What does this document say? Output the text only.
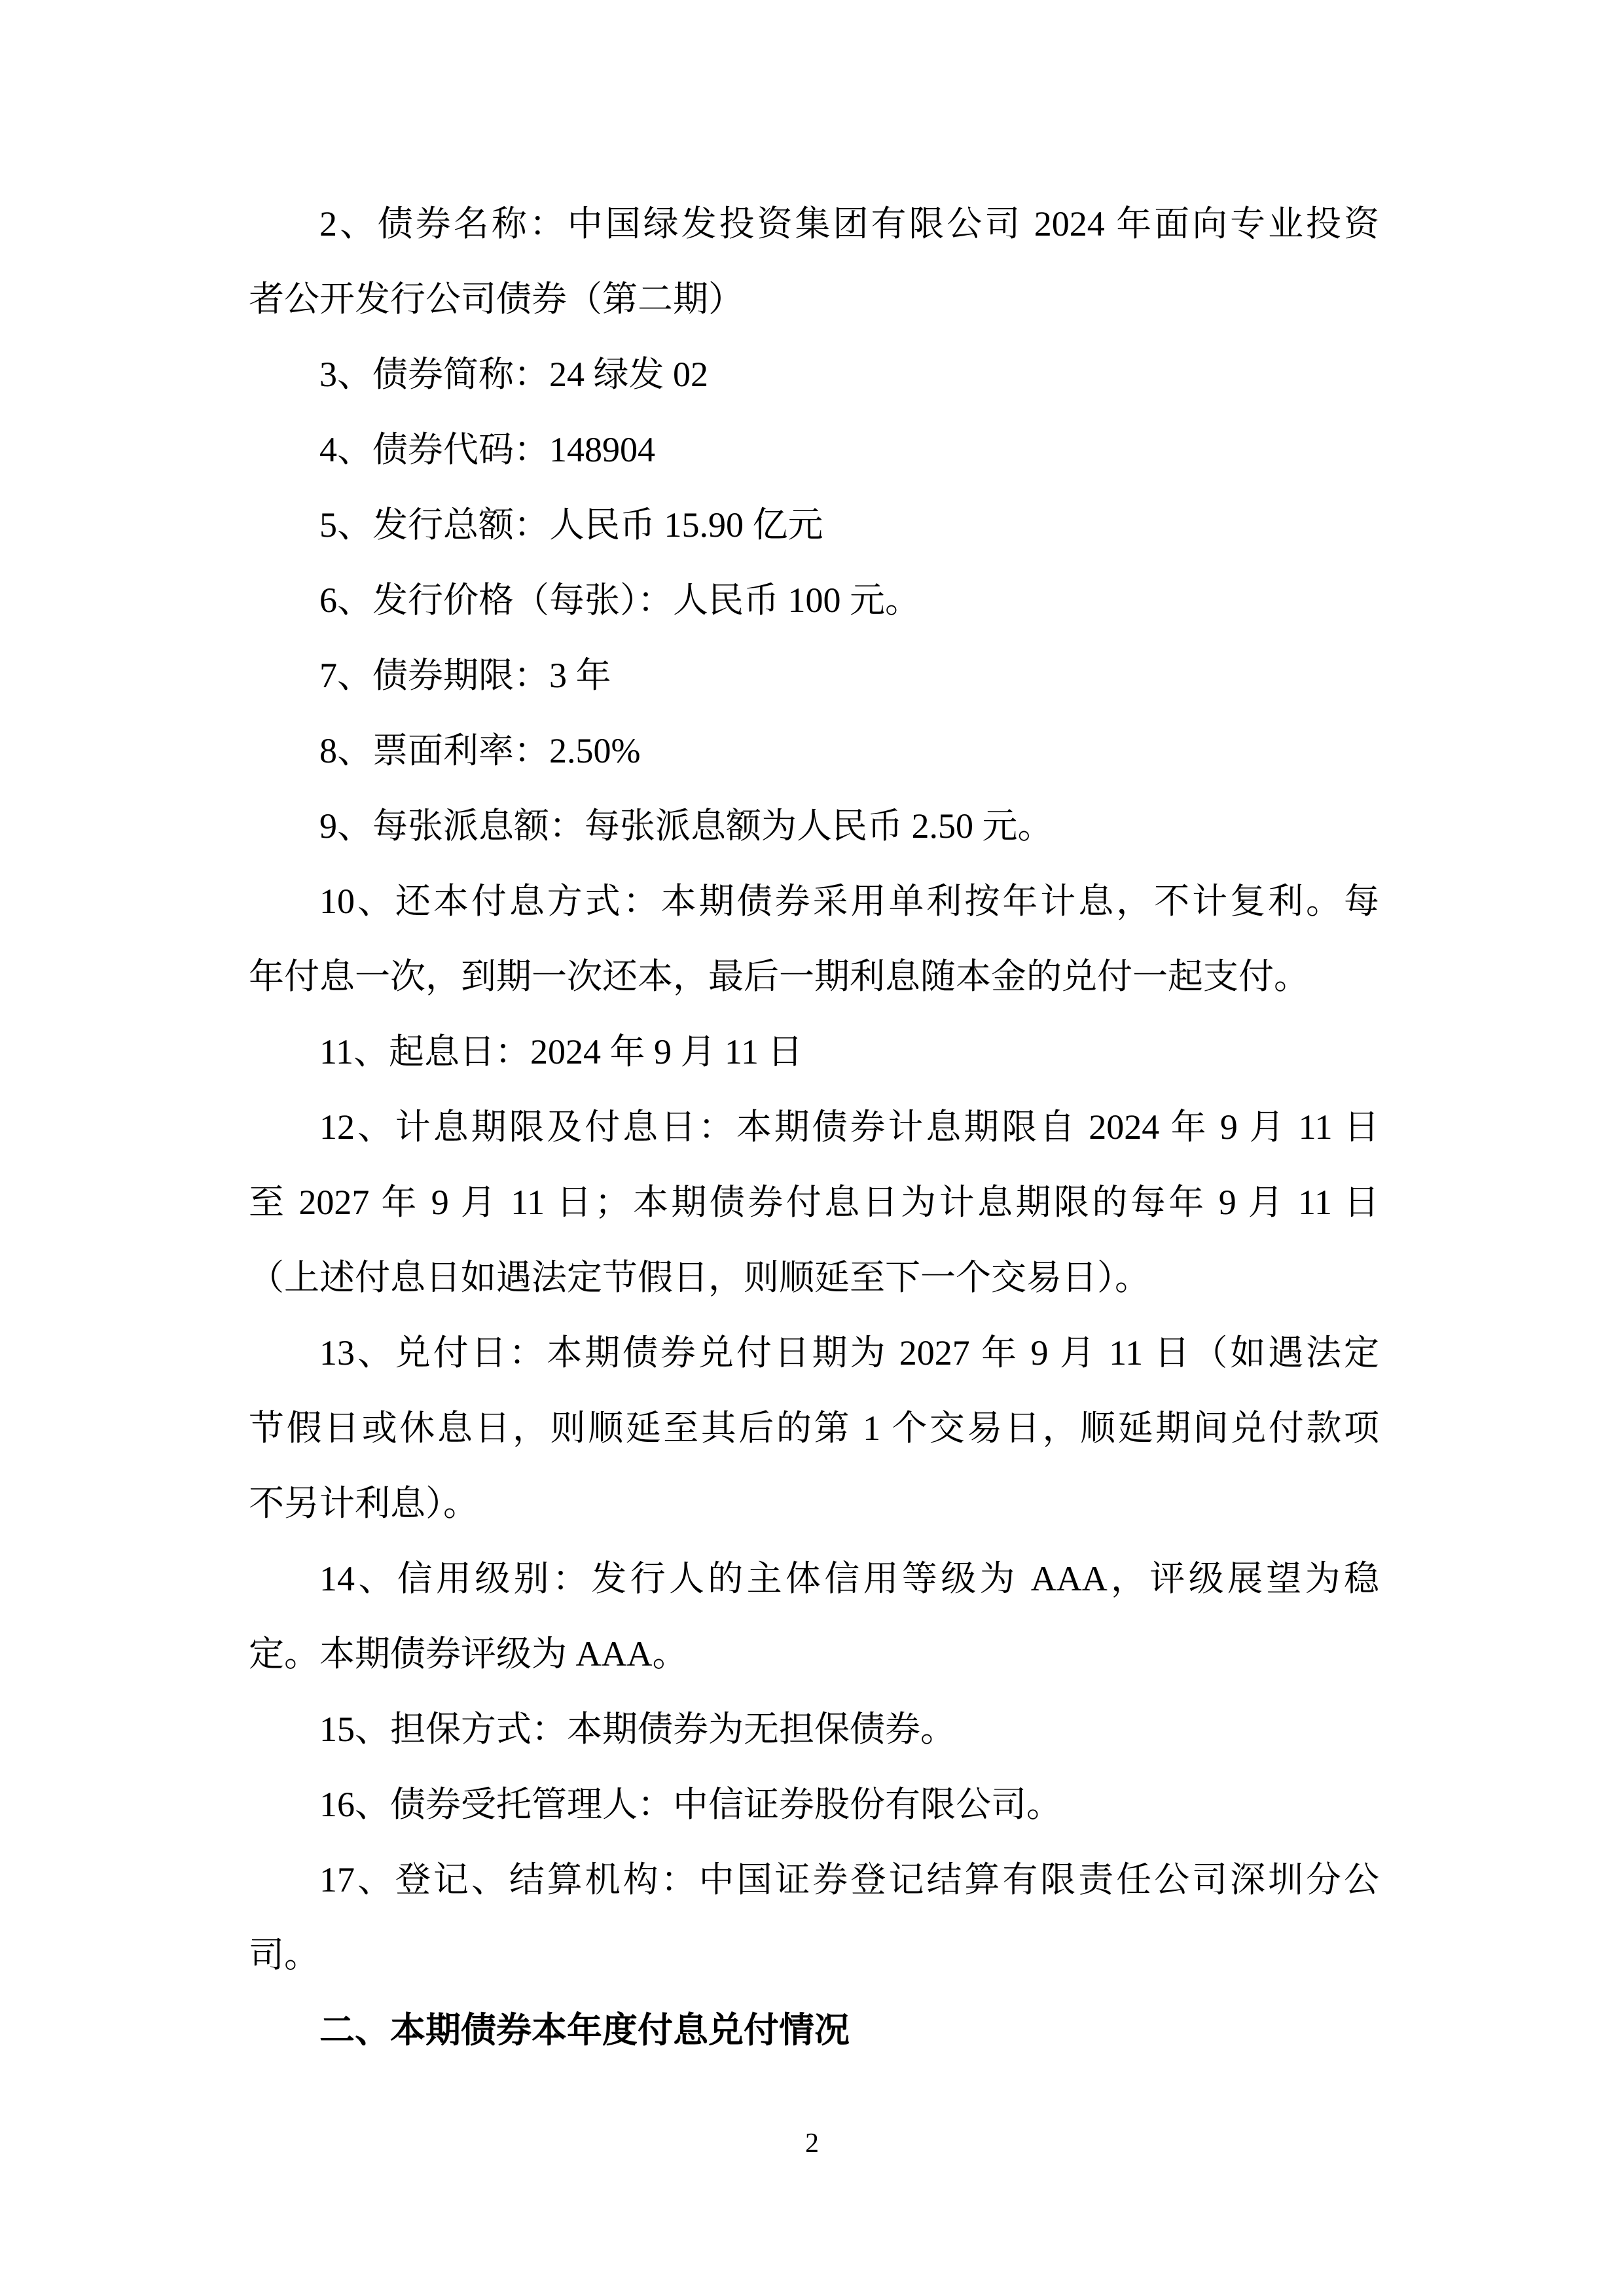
2、债券名称：中国绿发投资集团有限公司 2024 年面向专业投资
者公开发行公司债券（第二期）
3、债券简称：24 绿发 02
4、债券代码：148904
5、发行总额：人民币 15.90 亿元
6、发行价格（每张）：人民币 100 元。
7、债券期限：3 年
8、票面利率：2.50%
9、每张派息额：每张派息额为人民币 2.50 元。
10、还本付息方式：本期债券采用单利按年计息，不计复利。每
年付息一次，到期一次还本，最后一期利息随本金的兑付一起支付。
11、起息日：2024 年 9 月 11 日
12、计息期限及付息日：本期债券计息期限自 2024 年 9 月 11 日
至 2027 年 9 月 11 日；本期债券付息日为计息期限的每年 9 月 11 日
（上述付息日如遇法定节假日，则顺延至下一个交易日）。
13、兑付日：本期债券兑付日期为 2027 年 9 月 11 日（如遇法定
节假日或休息日，则顺延至其后的第 1 个交易日，顺延期间兑付款项
不另计利息）。
14、信用级别：发行人的主体信用等级为 AAA，评级展望为稳
定。本期债券评级为 AAA。
15、担保方式：本期债券为无担保债券。
16、债券受托管理人：中信证券股份有限公司。
17、登记、结算机构：中国证券登记结算有限责任公司深圳分公
司。
二、本期债券本年度付息兑付情况
2
